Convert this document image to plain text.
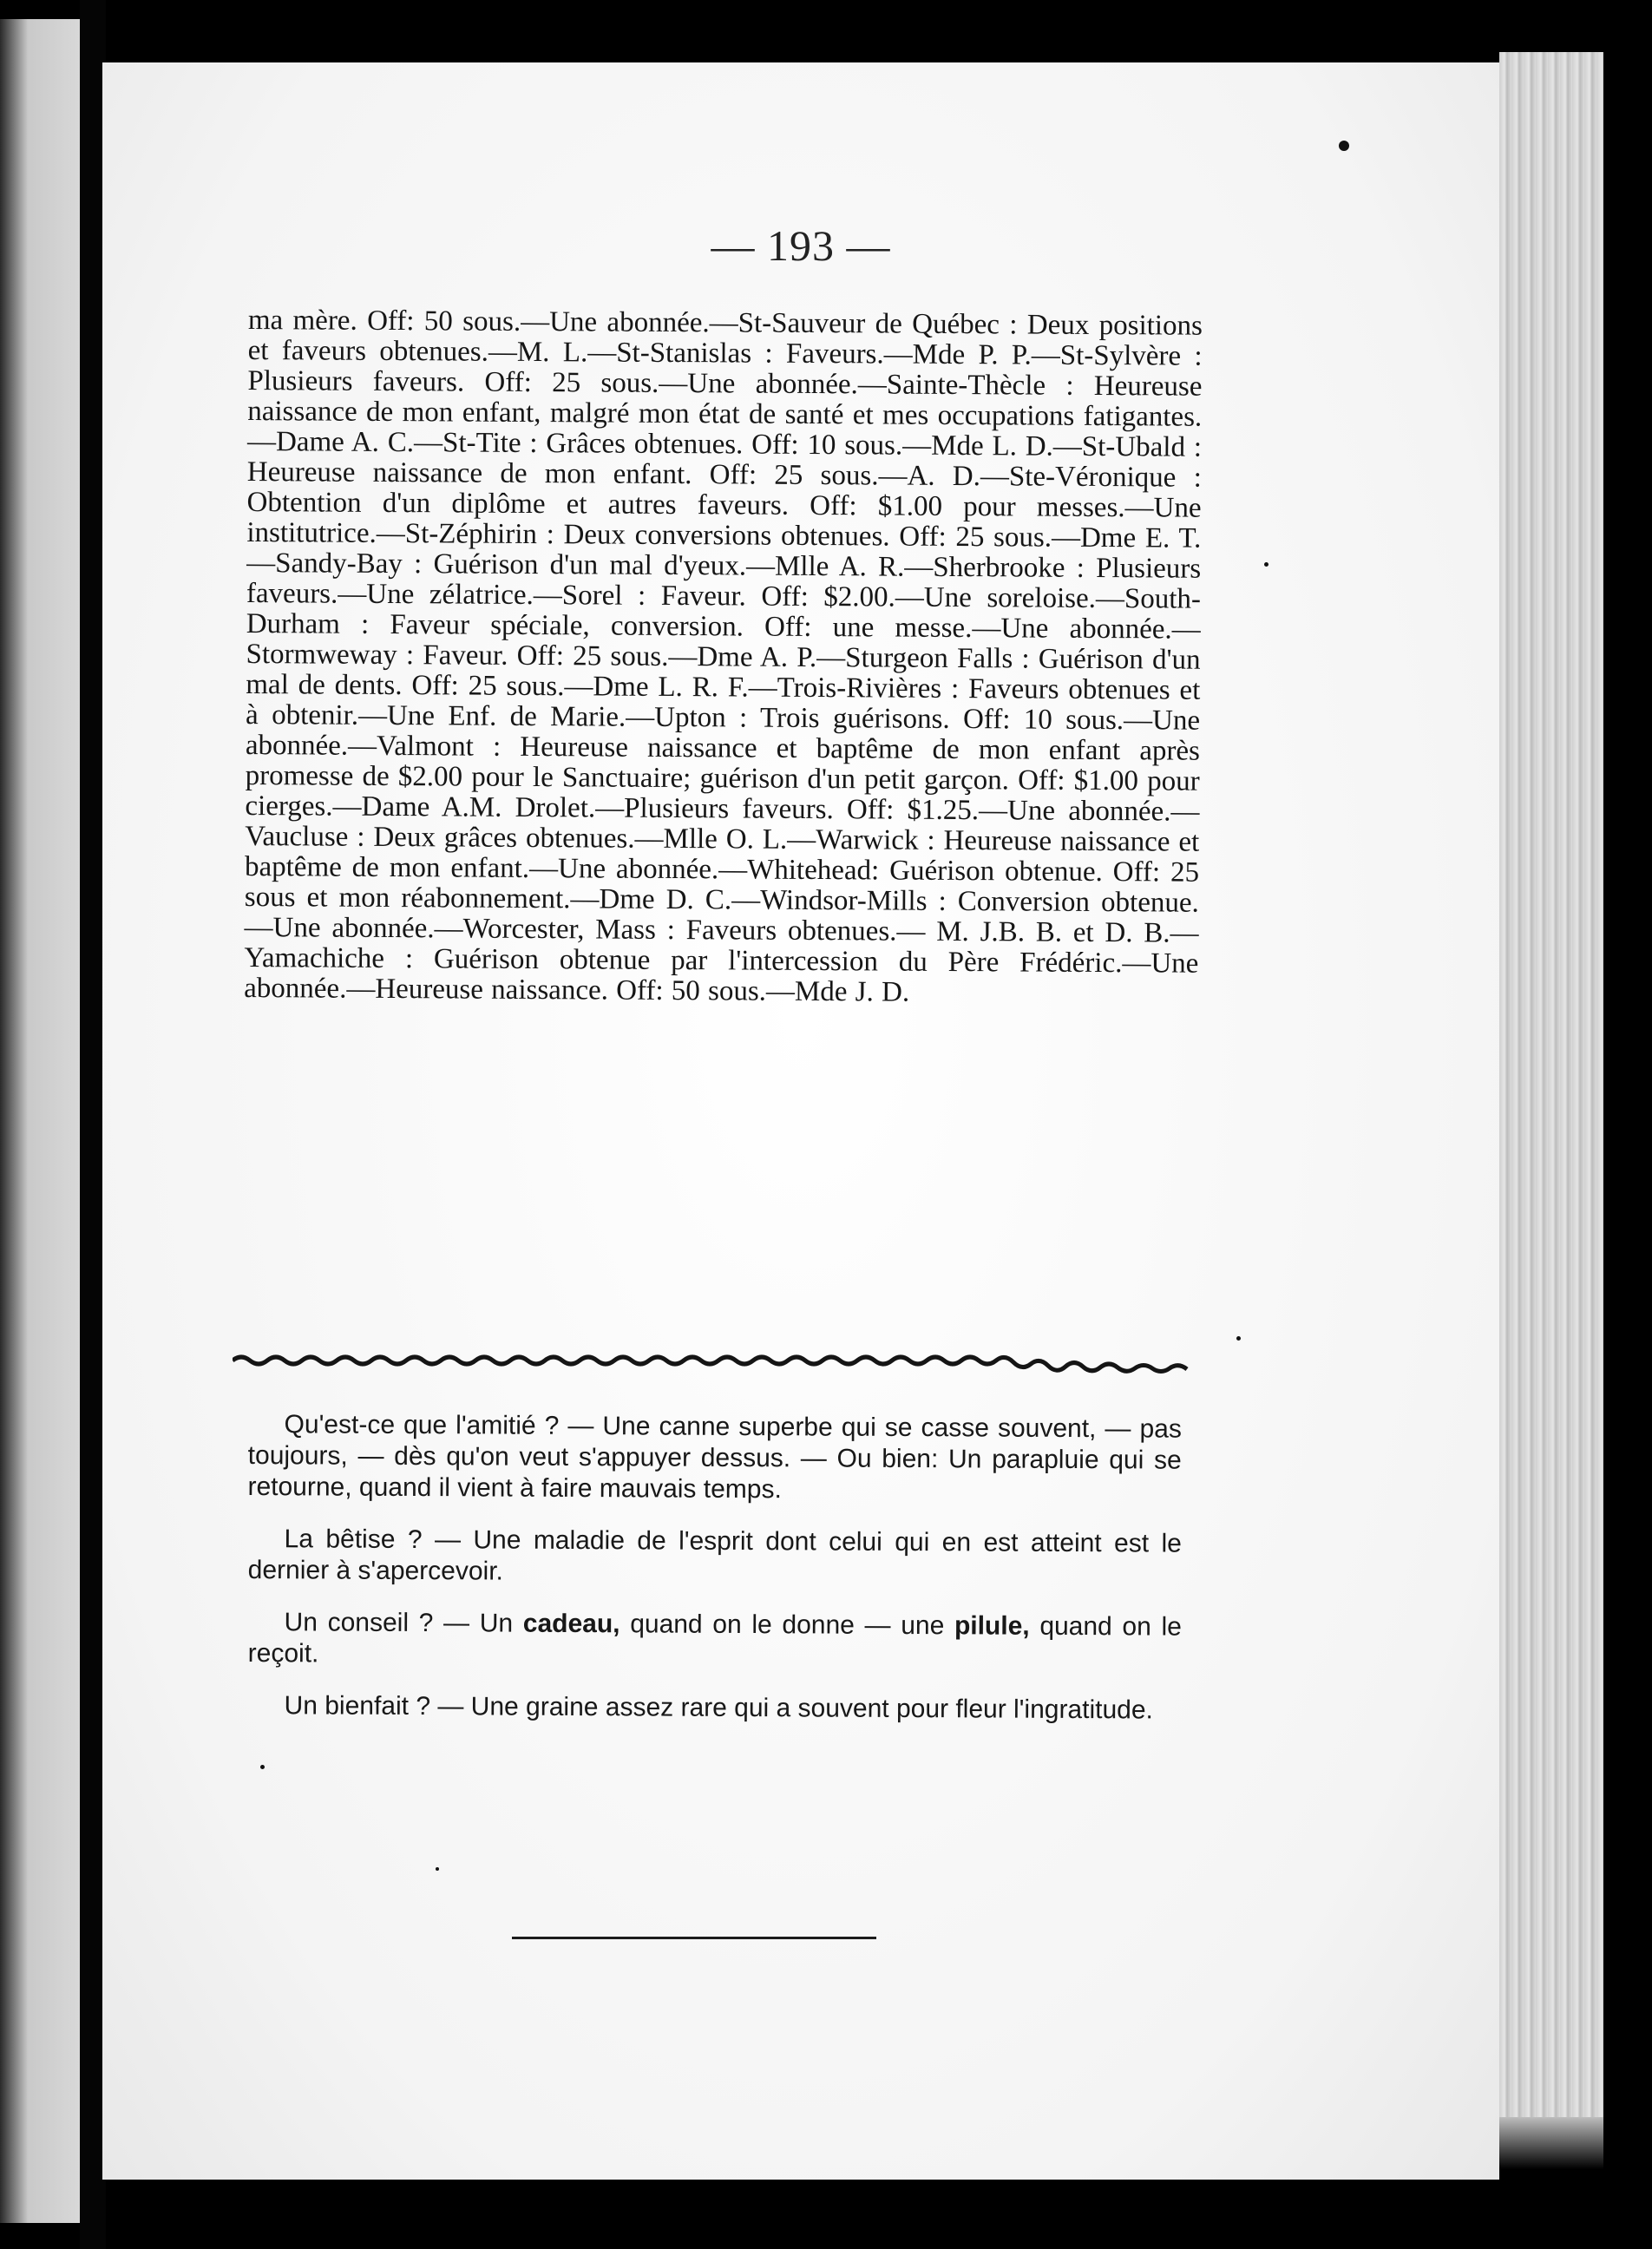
— 193 —

ma mère. Off: 50 sous.—Une abonnée.—St-Sauveur de Québec : Deux positions et faveurs obtenues.—M. L.—St-Stanislas : Faveurs.—Mde P. P.—St-Sylvère : Plusieurs faveurs. Off: 25 sous.—Une abonnée.—Sainte-Thècle : Heureuse naissance de mon enfant, malgré mon état de santé et mes occupations fatigantes.—Dame A. C.—St-Tite : Grâces obtenues. Off: 10 sous.—Mde L. D.—St-Ubald : Heureuse naissance de mon enfant. Off: 25 sous.—A. D.—Ste-Véronique : Obtention d'un diplôme et autres faveurs. Off: $1.00 pour messes.—Une institutrice.—St-Zéphirin : Deux conversions obtenues. Off: 25 sous.—Dme E. T.—Sandy-Bay : Guérison d'un mal d'yeux.—Mlle A. R.—Sherbrooke : Plusieurs faveurs.—Une zélatrice.—Sorel : Faveur. Off: $2.00.—Une soreloise.—South-Durham : Faveur spéciale, conversion. Off: une messe.—Une abonnée.—Stormweway : Faveur. Off: 25 sous.—Dme A. P.—Sturgeon Falls : Guérison d'un mal de dents. Off: 25 sous.—Dme L. R. F.—Trois-Rivières : Faveurs obtenues et à obtenir.—Une Enf. de Marie.—Upton : Trois guérisons. Off: 10 sous.—Une abonnée.—Valmont : Heureuse naissance et baptême de mon enfant après promesse de $2.00 pour le Sanctuaire; guérison d'un petit garçon. Off: $1.00 pour cierges.—Dame A.M. Drolet.—Plusieurs faveurs. Off: $1.25.—Une abonnée.—Vaucluse : Deux grâces obtenues.—Mlle O. L.—Warwick : Heureuse naissance et baptême de mon enfant.—Une abonnée.—Whitehead: Guérison obtenue. Off: 25 sous et mon réabonnement.—Dme D. C.—Windsor-Mills : Conversion obtenue.—Une abonnée.—Worcester, Mass : Faveurs obtenues.— M. J.B. B. et D. B.—Yamachiche : Guérison obtenue par l'intercession du Père Frédéric.—Une abonnée.—Heureuse naissance. Off: 50 sous.—Mde J. D.

Qu'est-ce que l'amitié ? — Une canne superbe qui se casse souvent, — pas toujours, — dès qu'on veut s'appuyer dessus. — Ou bien: Un parapluie qui se retourne, quand il vient à faire mauvais temps.

La bêtise ? — Une maladie de l'esprit dont celui qui en est atteint est le dernier à s'apercevoir.

Un conseil ? — Un cadeau, quand on le donne — une pilule, quand on le reçoit.

Un bienfait ? — Une graine assez rare qui a souvent pour fleur l'ingratitude.
